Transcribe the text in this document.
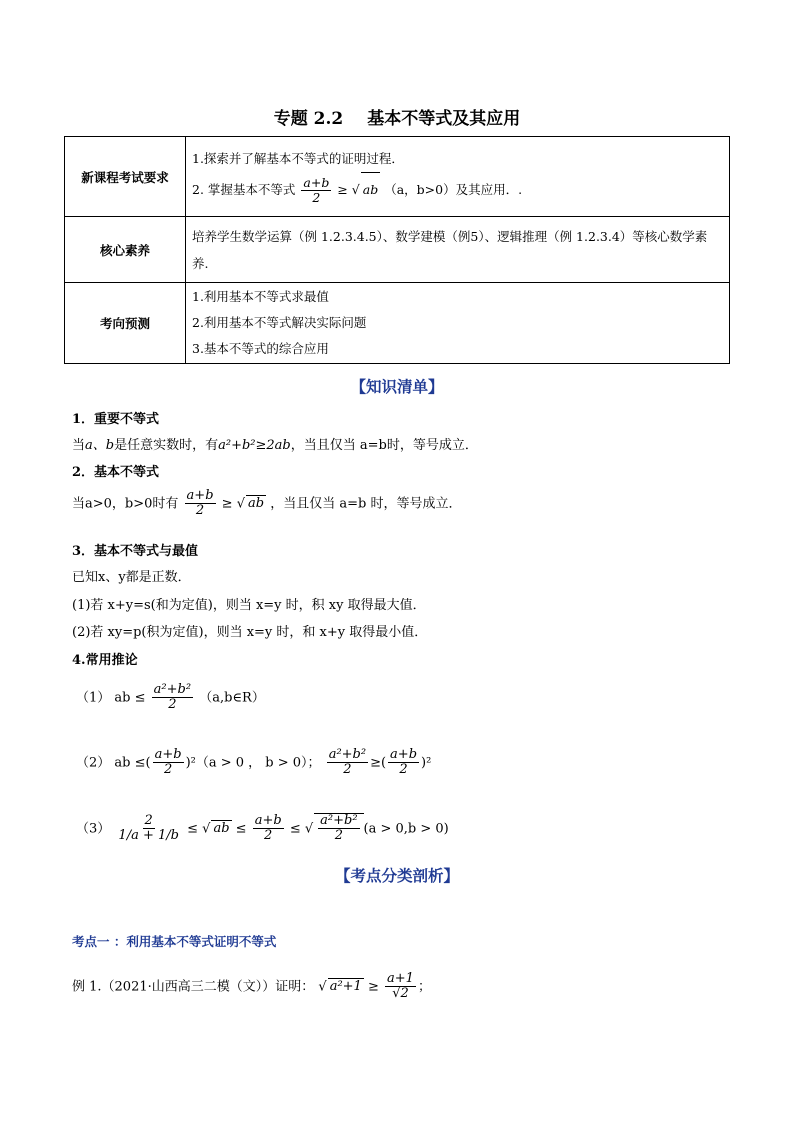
专题 2.2 基本不等式及其应用
新课程考试要求	1.探索并了解基本不等式的证明过程．
2. 掌握基本不等式 $\frac{a+b}{2}$ ≥ √ ab （a，b>0）及其应用．.

核心素养	培养学生数学运算（例 1.2.3.4.5）、数学建模（例5）、逻辑推理（例 1.2.3.4）等核心数学素养.

考向预测	1.利用基本不等式求最值
2.利用基本不等式解决实际问题
3.基本不等式的综合应用
【知识清单】
1．重要不等式
当a、b是任意实数时，有a²+b²≥2ab，当且仅当 a=b时，等号成立．
2．基本不等式
当a>0，b>0时有 $\frac{a+b}{2}$ ≥ √ ab ，当且仅当 a=b 时，等号成立．
3．基本不等式与最值
已知x、y都是正数．
(1)若 x+y=s(和为定值)，则当 x=y 时，积 xy 取得最大值．
(2)若 xy=p(积为定值)，则当 x=y 时，和 x+y 取得最小值．
4.常用推论
（1） ab ≤ $\frac{\text{a²+b²}}{2}$ （a,b∈R）
（2） ab ≤( $\frac{a+b}{2} )^2(a > 0$ ， b > 0）； $\frac{\text{a²+b²}}{2}$ ≥( $\frac{a+b}{2} )^2$
$(3) \frac{2}{1/a + 1/b}$ ≤ √ ab ≤ $\frac{a+b}{2}$ ≤ √ $\frac{\text{a²+b²}}{2} (a > 0,b > 0)$
【考点分类剖析】
考点一 ：利用基本不等式证明不等式
例 1.（2021·山西高三二模（文））证明： √ $a^2+1 \ge \frac{a+1}{√2}$ ；
